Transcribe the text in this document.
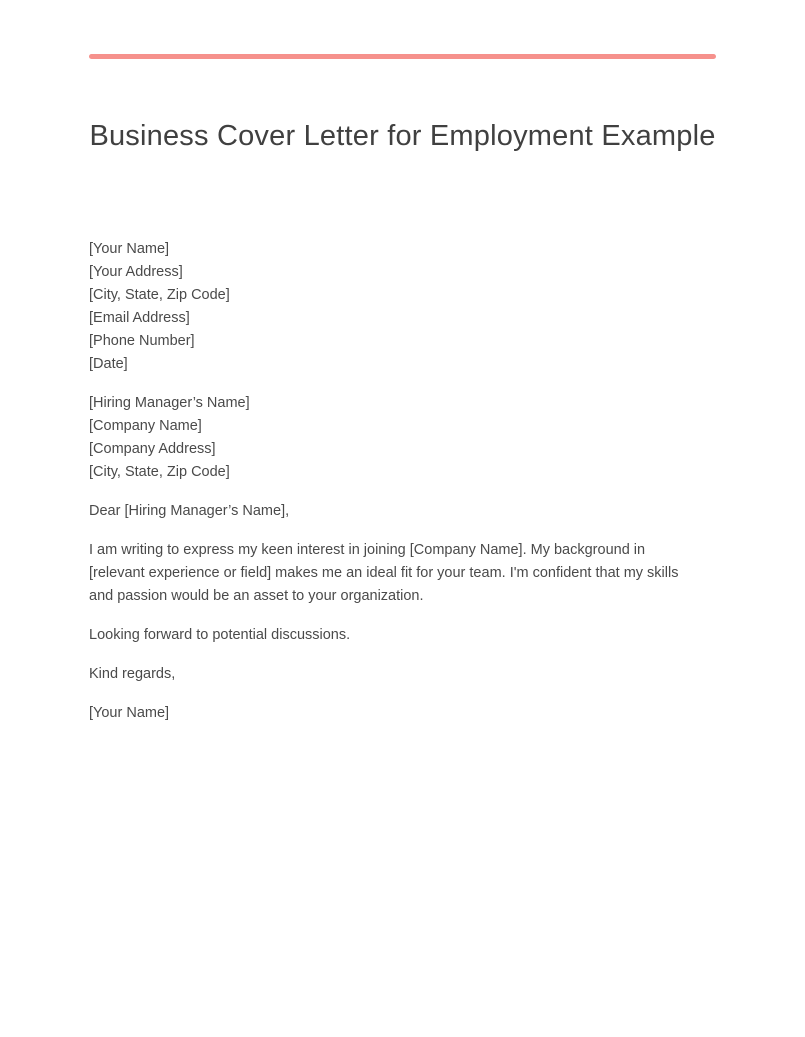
Business Cover Letter for Employment Example
[Your Name]
[Your Address]
[City, State, Zip Code]
[Email Address]
[Phone Number]
[Date]
[Hiring Manager’s Name]
[Company Name]
[Company Address]
[City, State, Zip Code]

Dear [Hiring Manager’s Name],

I am writing to express my keen interest in joining [Company Name]. My background in [relevant experience or field] makes me an ideal fit for your team. I'm confident that my skills and passion would be an asset to your organization.

Looking forward to potential discussions.

Kind regards,

[Your Name]
